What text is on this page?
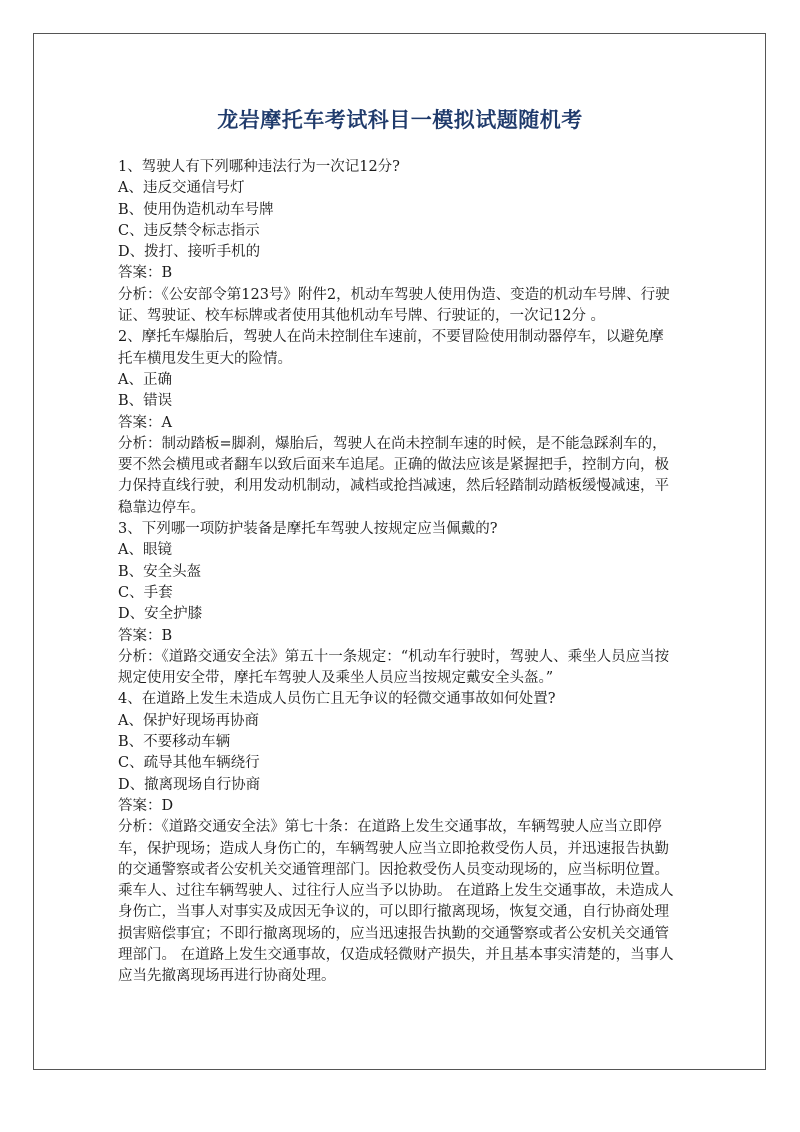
龙岩摩托车考试科目一模拟试题随机考
1、驾驶人有下列哪种违法行为一次记12分?
A、违反交通信号灯
B、使用伪造机动车号牌
C、违反禁令标志指示
D、拨打、接听手机的
答案：B
分析：《公安部令第123号》附件2，机动车驾驶人使用伪造、变造的机动车号牌、行驶证、驾驶证、校车标牌或者使用其他机动车号牌、行驶证的，一次记12分 。
2、摩托车爆胎后，驾驶人在尚未控制住车速前，不要冒险使用制动器停车，以避免摩托车横甩发生更大的险情。
A、正确
B、错误
答案：A
分析：制动踏板=脚刹，爆胎后，驾驶人在尚未控制车速的时候，是不能急踩刹车的，要不然会横甩或者翻车以致后面来车追尾。正确的做法应该是紧握把手，控制方向，极力保持直线行驶，利用发动机制动，减档或抢挡减速，然后轻踏制动踏板缓慢减速，平稳靠边停车。
3、下列哪一项防护装备是摩托车驾驶人按规定应当佩戴的?
A、眼镜
B、安全头盔
C、手套
D、安全护膝
答案：B
分析：《道路交通安全法》第五十一条规定：“机动车行驶时，驾驶人、乘坐人员应当按规定使用安全带，摩托车驾驶人及乘坐人员应当按规定戴安全头盔。”
4、在道路上发生未造成人员伤亡且无争议的轻微交通事故如何处置?
A、保护好现场再协商
B、不要移动车辆
C、疏导其他车辆绕行
D、撤离现场自行协商
答案：D
分析：《道路交通安全法》第七十条：在道路上发生交通事故，车辆驾驶人应当立即停车，保护现场；造成人身伤亡的，车辆驾驶人应当立即抢救受伤人员，并迅速报告执勤的交通警察或者公安机关交通管理部门。因抢救受伤人员变动现场的，应当标明位置。乘车人、过往车辆驾驶人、过往行人应当予以协助。 在道路上发生交通事故，未造成人身伤亡，当事人对事实及成因无争议的，可以即行撤离现场，恢复交通，自行协商处理损害赔偿事宜；不即行撤离现场的，应当迅速报告执勤的交通警察或者公安机关交通管理部门。 在道路上发生交通事故，仅造成轻微财产损失，并且基本事实清楚的，当事人应当先撤离现场再进行协商处理。
